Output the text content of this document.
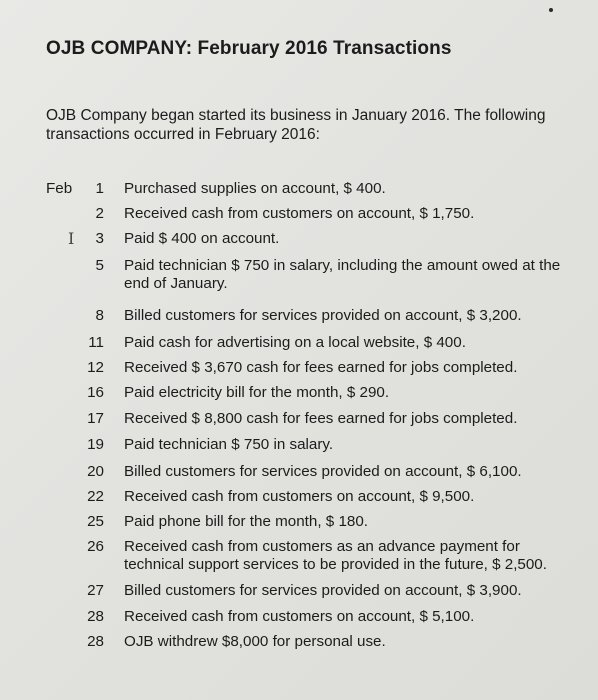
OJB COMPANY: February 2016 Transactions
OJB Company began started its business in January 2016. The following transactions occurred in February 2016:
Feb	1 Purchased supplies on account, $ 400.
2 Received cash from customers on account, $ 1,750.
I	3 Paid $ 400 on account.
5 Paid technician $ 750 in salary, including the amount owed at the end of January.
8 Billed customers for services provided on account, $ 3,200.
11 Paid cash for advertising on a local website, $ 400.
12 Received $ 3,670 cash for fees earned for jobs completed.
16 Paid electricity bill for the month, $ 290.
17 Received $ 8,800 cash for fees earned for jobs completed.
19 Paid technician $ 750 in salary.
20 Billed customers for services provided on account, $ 6,100.
22 Received cash from customers on account, $ 9,500.
25 Paid phone bill for the month, $ 180.
26 Received cash from customers as an advance payment for technical support services to be provided in the future, $ 2,500.
27 Billed customers for services provided on account, $ 3,900.
28 Received cash from customers on account, $ 5,100.
28 OJB withdrew $8,000 for personal use.
